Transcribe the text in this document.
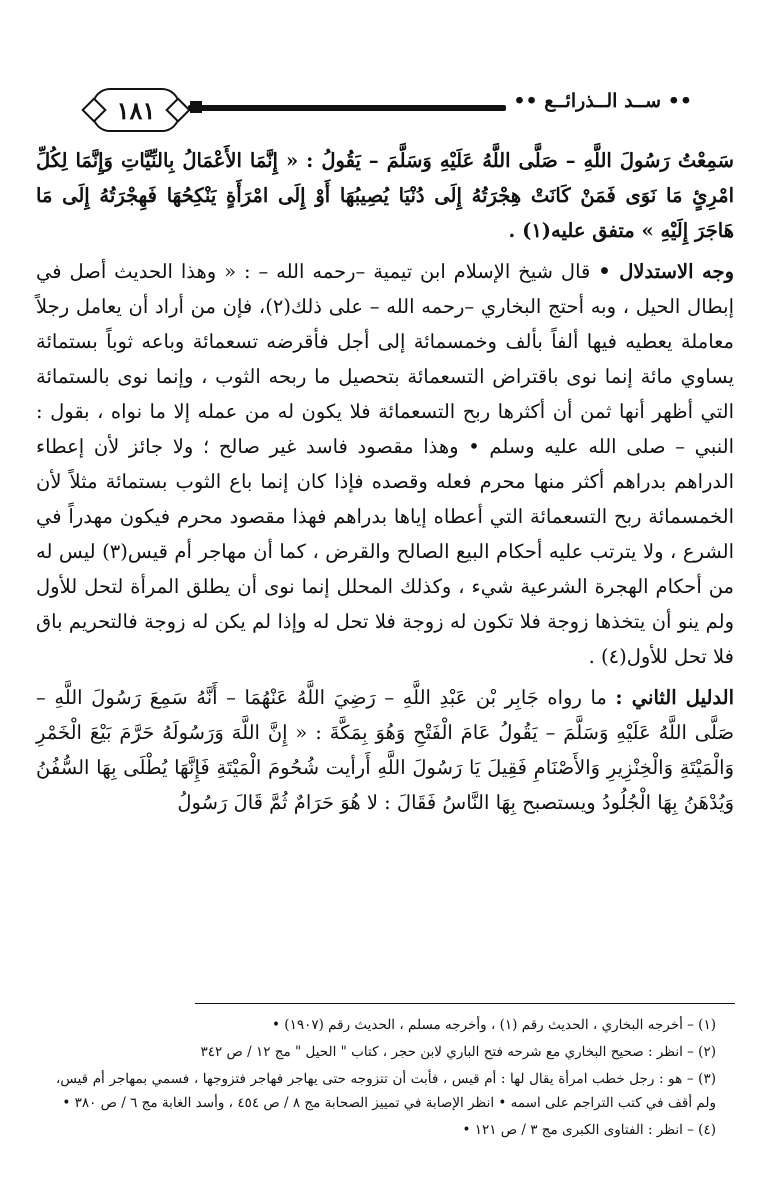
١٨١	•• ســد الــذرائــع ••

سَمِعْتُ رَسُولَ اللَّهِ – صَلَّى اللَّهُ عَلَيْهِ وَسَلَّمَ – يَقُولُ : « إِنَّمَا الأَعْمَالُ بِالنِّيَّاتِ وَإِنَّمَا لِكُلِّ امْرِئٍ مَا نَوَى فَمَنْ كَانَتْ هِجْرَتُهُ إِلَى دُنْيَا يُصِيبُهَا أَوْ إِلَى امْرَأَةٍ يَنْكِحُهَا فَهِجْرَتُهُ إِلَى مَا هَاجَرَ إِلَيْهِ » متفق عليه(١) .

وجه الاستدلال • قال شيخ الإسلام ابن تيمية –رحمه الله – : « وهذا الحديث أصل في إبطال الحيل ، وبه أحتج البخاري –رحمه الله – على ذلك(٢)، فإن من أراد أن يعامل رجلاً معاملة يعطيه فيها ألفاً بألف وخمسمائة إلى أجل فأقرضه تسعمائة وباعه ثوباً بستمائة يساوي مائة إنما نوى باقتراض التسعمائة بتحصيل ما ربحه الثوب ، وإنما نوى بالستمائة التي أظهر أنها ثمن أن أكثرها ربح التسعمائة فلا يكون له من عمله إلا ما نواه ، بقول : النبي – صلى الله عليه وسلم • وهذا مقصود فاسد غير صالح ؛ ولا جائز لأن إعطاء الدراهم بدراهم أكثر منها محرم فعله وقصده فإذا كان إنما باع الثوب بستمائة مثلاً لأن الخمسمائة ربح التسعمائة التي أعطاه إياها بدراهم فهذا مقصود محرم فيكون مهدراً في الشرع ، ولا يترتب عليه أحكام البيع الصالح والقرض ، كما أن مهاجر أم قيس(٣) ليس له من أحكام الهجرة الشرعية شيء ، وكذلك المحلل إنما نوى أن يطلق المرأة لتحل للأول ولم ينو أن يتخذها زوجة فلا تكون له زوجة فلا تحل له وإذا لم يكن له زوجة فالتحريم باق فلا تحل للأول(٤) .

الدليل الثاني : ما رواه جَابِر بْن عَبْدِ اللَّهِ – رَضِيَ اللَّهُ عَنْهُمَا – أَنَّهُ سَمِعَ رَسُولَ اللَّهِ – صَلَّى اللَّهُ عَلَيْهِ وَسَلَّمَ – يَقُولُ عَامَ الْفَتْحِ وَهُوَ بِمَكَّةَ : « إِنَّ اللَّهَ وَرَسُولَهُ حَرَّمَ بَيْعَ الْخَمْرِ وَالْمَيْتَةِ وَالْخِنْزِيرِ وَالأَصْنَامِ فَقِيلَ يَا رَسُولَ اللَّهِ أَرأيت شُحُومَ الْمَيْتَةِ فَإِنَّهَا يُطْلَى بِهَا السُّفُنُ وَيُدْهَنُ بِهَا الْجُلُودُ ويستصبح بِهَا النَّاسُ فَقَالَ : لا هُوَ حَرَامٌ ثُمَّ قَالَ رَسُولُ

(١) – أخرجه البخاري ، الحديث رقم (١) ، وأخرجه مسلم ، الحديث رقم (١٩٠٧) •

(٢) – انظر : صحيح البخاري مع شرحه فتح الباري لابن حجر ، كتاب " الحيل " مج ١٢ / ص ٣٤٢

(٣) – هو : رجل خطب امرأة يقال لها : أم قيس ، فأبت أن تتزوجه حتى يهاجر فهاجر فتزوجها ، فسمي بمهاجر أم قيس، ولم أقف في كتب التراجم على اسمه • انظر الإصابة في تمييز الصحابة مج ٨ / ص ٤٥٤ ، وأسد الغابة مج ٦ / ص ٣٨٠ •

(٤) – انظر : الفتاوى الكبرى مج ٣ / ص ١٢١ •
